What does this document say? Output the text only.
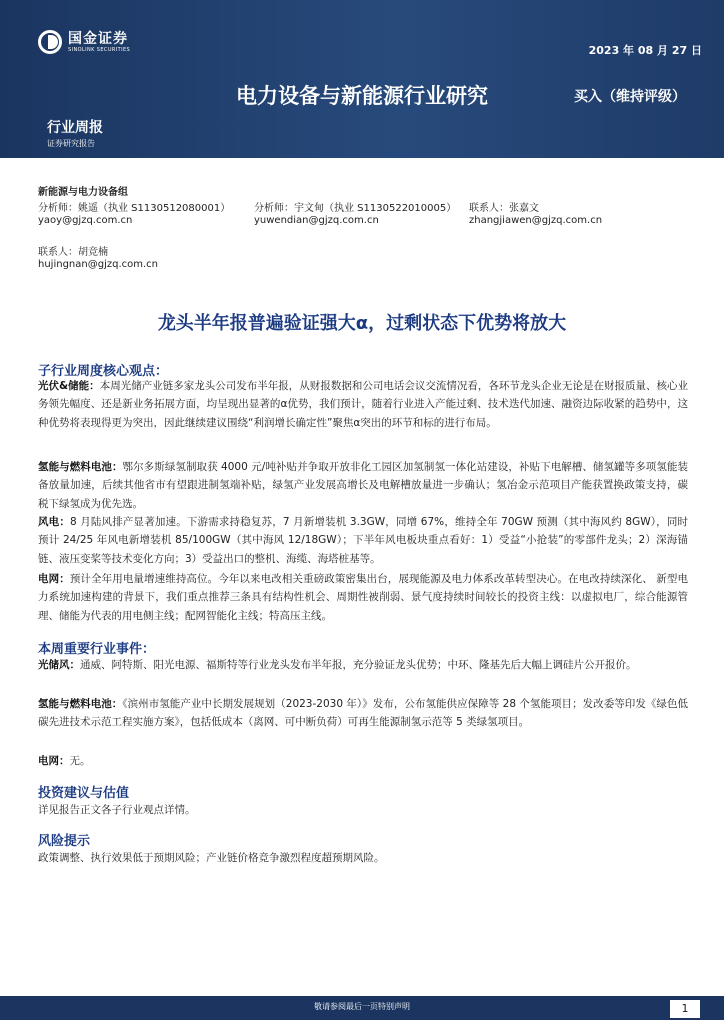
国金证券
SINOLINK SECURITIES	2023 年 08 月 27 日
电力设备与新能源行业研究	买入（维持评级）
行业周报
证券研究报告
新能源与电力设备组
分析师：姚遥（执业 S1130512080001）
yaoy@gjzq.com.cn
分析师：宇文甸（执业 S1130522010005）
yuwendian@gjzq.com.cn
联系人：张嘉文
zhangjiawen@gjzq.com.cn
联系人：胡竞楠
hujingnan@gjzq.com.cn
龙头半年报普遍验证强大α，过剩状态下优势将放大
子行业周度核心观点：
光伏&储能：本周光储产业链多家龙头公司发布半年报，从财报数据和公司电话会议交流情况看，各环节龙头企业无论是在财报质量、核心业务领先幅度、还是新业务拓展方面，均呈现出显著的α优势，我们预计，随着行业进入产能过剩、技术迭代加速、融资边际收紧的趋势中，这种优势将表现得更为突出，因此继续建议围绕“利润增长确定性”聚焦α突出的环节和标的进行布局。
氢能与燃料电池：鄂尔多斯绿氢制取获 4000 元/吨补贴并争取开放非化工园区加氢制氢一体化站建设，补贴下电解槽、储氢罐等多项氢能装备放量加速，后续其他省市有望跟进制氢端补贴，绿氢产业发展高增长及电解槽放量进一步确认；氢冶金示范项目产能获置换政策支持，碳税下绿氢成为优先选。
风电：8 月陆风排产显著加速。下游需求持稳复苏，7 月新增装机 3.3GW，同增 67%，维持全年 70GW 预测（其中海风约 8GW），同时预计 24/25 年风电新增装机 85/100GW（其中海风 12/18GW）；下半年风电板块重点看好：1）受益“小抢装”的零部件龙头；2）深海锚链、液压变桨等技术变化方向；3）受益出口的整机、海缆、海塔桩基等。
电网：预计全年用电量增速维持高位。今年以来电改相关重磅政策密集出台，展现能源及电力体系改革转型决心。在电改持续深化、 新型电力系统加速构建的背景下，我们重点推荐三条具有结构性机会、周期性被削弱、景气度持续时间较长的投资主线：以虚拟电厂，综合能源管理、储能为代表的用电侧主线；配网智能化主线；特高压主线。
本周重要行业事件：
光储风：通威、阿特斯、阳光电源、福斯特等行业龙头发布半年报，充分验证龙头优势；中环、隆基先后大幅上调硅片公开报价。
氢能与燃料电池：《滨州市氢能产业中长期发展规划（2023-2030 年）》发布，公布氢能供应保障等 28 个氢能项目；发改委等印发《绿色低碳先进技术示范工程实施方案》，包括低成本（离网、可中断负荷）可再生能源制氢示范等 5 类绿氢项目。
电网：无。
投资建议与估值
详见报告正文各子行业观点详情。
风险提示
政策调整、执行效果低于预期风险；产业链价格竞争激烈程度超预期风险。
敬请参阅最后一页特别声明	1
